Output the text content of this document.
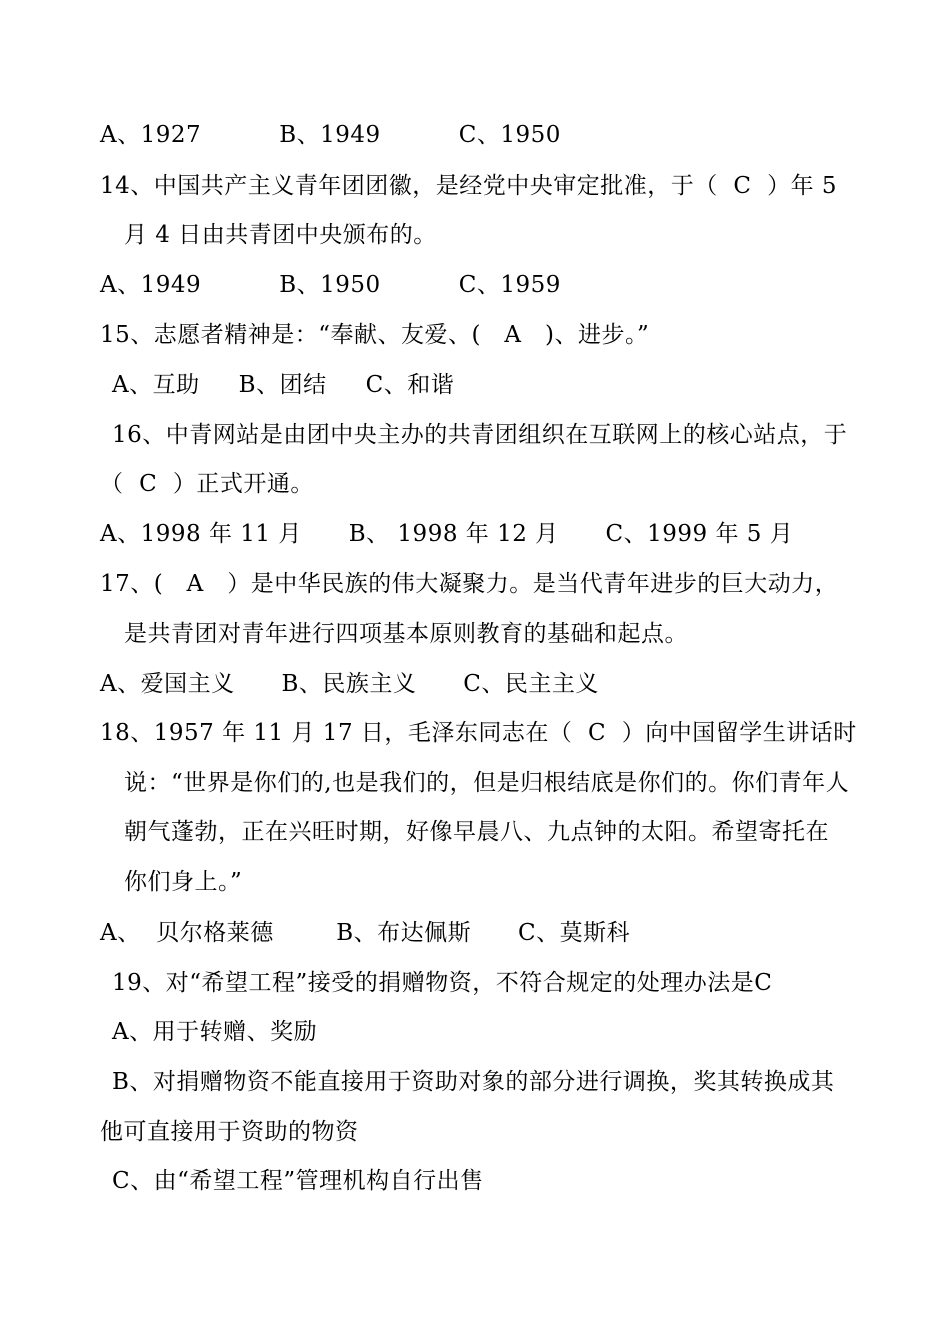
A、1927          B、1949          C、1950
14、中国共产主义青年团团徽，是经党中央审定批准，于（  C  ）年 5
月 4 日由共青团中央颁布的。
A、1949          B、1950          C、1959
15、志愿者精神是：“奉献、友爱、(   A   )、进步。”
A、互助     B、团结     C、和谐
16、中青网站是由团中央主办的共青团组织在互联网上的核心站点，于
（  C  ）正式开通。
A、1998 年 11 月      B、 1998 年 12 月      C、1999 年 5 月
17、(   A   ）是中华民族的伟大凝聚力。是当代青年进步的巨大动力，
是共青团对青年进行四项基本原则教育的基础和起点。
A、爱国主义      B、民族主义      C、民主主义
18、1957 年 11 月 17 日，毛泽东同志在（  C  ）向中国留学生讲话时
说：“世界是你们的,也是我们的，但是归根结底是你们的。你们青年人
朝气蓬勃，正在兴旺时期，好像早晨八、九点钟的太阳。希望寄托在
你们身上。”
A、  贝尔格莱德        B、布达佩斯      C、莫斯科
19、对“希望工程”接受的捐赠物资，不符合规定的处理办法是C
A、用于转赠、奖励
B、对捐赠物资不能直接用于资助对象的部分进行调换，奖其转换成其
他可直接用于资助的物资
C、由“希望工程”管理机构自行出售
